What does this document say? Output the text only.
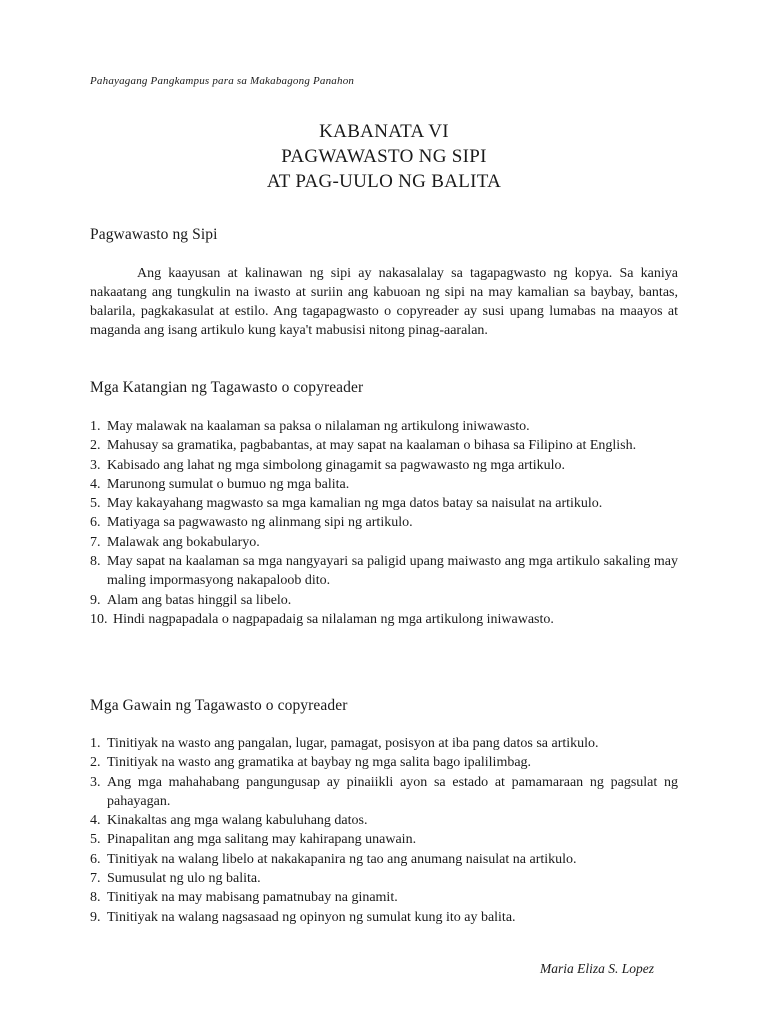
Pahayagang Pangkampus para sa Makabagong Panahon
KABANATA VI
PAGWAWASTO NG SIPI
AT PAG-UULO NG BALITA
Pagwawasto ng Sipi
Ang kaayusan at kalinawan ng sipi ay nakasalalay sa tagapagwasto ng kopya. Sa kaniya nakaatang ang tungkulin na iwasto at suriin ang kabuoan ng sipi na may kamalian sa baybay, bantas, balarila, pagkakasulat at estilo. Ang tagapagwasto o copyreader ay susi upang lumabas na maayos at maganda ang isang artikulo kung kaya't mabusisi nitong pinag-aaralan.
Mga Katangian ng Tagawasto o copyreader
1. May malawak na kaalaman sa paksa o nilalaman ng artikulong iniwawasto.
2. Mahusay sa gramatika, pagbabantas, at may sapat na kaalaman o bihasa sa Filipino at English.
3. Kabisado ang lahat ng mga simbolong ginagamit sa pagwawasto ng mga artikulo.
4. Marunong sumulat o bumuo ng mga balita.
5. May kakayahang magwasto sa mga kamalian ng mga datos batay sa naisulat na artikulo.
6. Matiyaga sa pagwawasto ng alinmang sipi ng artikulo.
7. Malawak ang bokabularyo.
8. May sapat na kaalaman sa mga nangyayari sa paligid upang maiwasto ang mga artikulo sakaling may maling impormasyong nakapaloob dito.
9. Alam ang batas hinggil sa libelo.
10. Hindi nagpapadala o nagpapadaig sa nilalaman ng mga artikulong iniwawasto.
Mga Gawain ng Tagawasto o copyreader
1. Tinitiyak na wasto ang pangalan, lugar, pamagat, posisyon at iba pang datos sa artikulo.
2. Tinitiyak na wasto ang gramatika at baybay ng mga salita bago ipalilimbag.
3. Ang mga mahahabang pangungusap ay pinaiikli ayon sa estado at pamamaraan ng pagsulat ng pahayagan.
4. Kinakaltas ang mga walang kabuluhang datos.
5. Pinapalitan ang mga salitang may kahirapang unawain.
6. Tinitiyak na walang libelo at nakakapanira ng tao ang anumang naisulat na artikulo.
7. Sumusulat ng ulo ng balita.
8. Tinitiyak na may mabisang pamatnubay na ginamit.
9. Tinitiyak na walang nagsasaad ng opinyon ng sumulat kung ito ay balita.
Maria Eliza S. Lopez
